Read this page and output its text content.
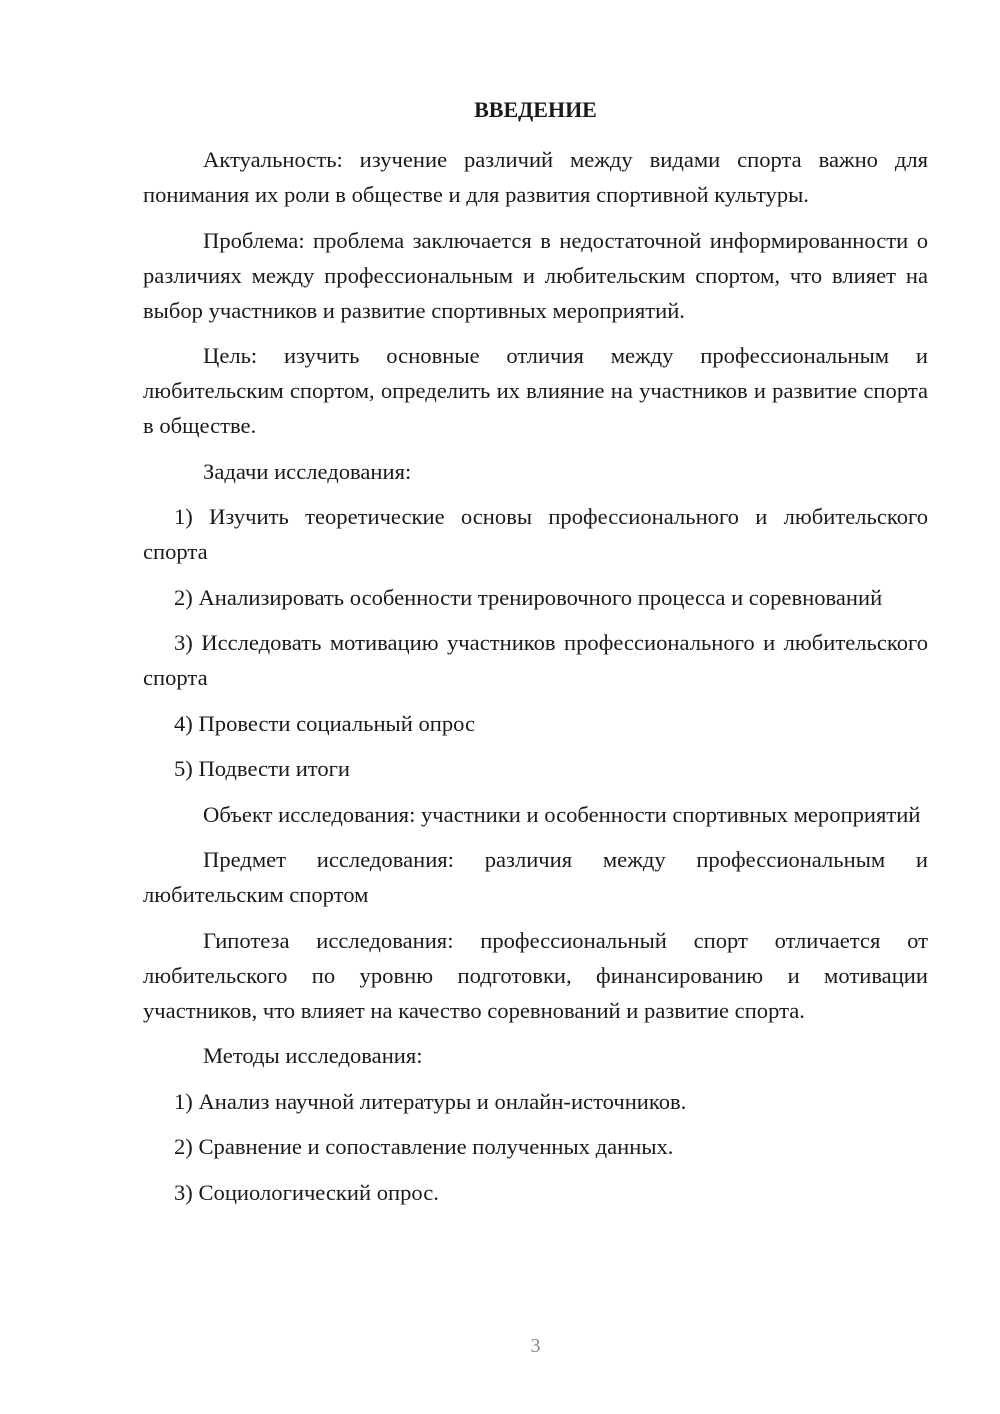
ВВЕДЕНИЕ

Актуальность: изучение различий между видами спорта важно для понимания их роли в обществе и для развития спортивной культуры.

Проблема: проблема заключается в недостаточной информированности о различиях между профессиональным и любительским спортом, что влияет на выбор участников и развитие спортивных мероприятий.

Цель: изучить основные отличия между профессиональным и любительским спортом, определить их влияние на участников и развитие спорта в обществе.

Задачи исследования:

1) Изучить теоретические основы профессионального и любительского спорта

2) Анализировать особенности тренировочного процесса и соревнований

3) Исследовать мотивацию участников профессионального и любительского спорта

4) Провести социальный опрос

5) Подвести итоги

Объект исследования: участники и особенности спортивных мероприятий

Предмет исследования: различия между профессиональным и любительским спортом

Гипотеза исследования: профессиональный спорт отличается от любительского по уровню подготовки, финансированию и мотивации участников, что влияет на качество соревнований и развитие спорта.

Методы исследования:

1) Анализ научной литературы и онлайн-источников.

2) Сравнение и сопоставление полученных данных.

3) Социологический опрос.

3
